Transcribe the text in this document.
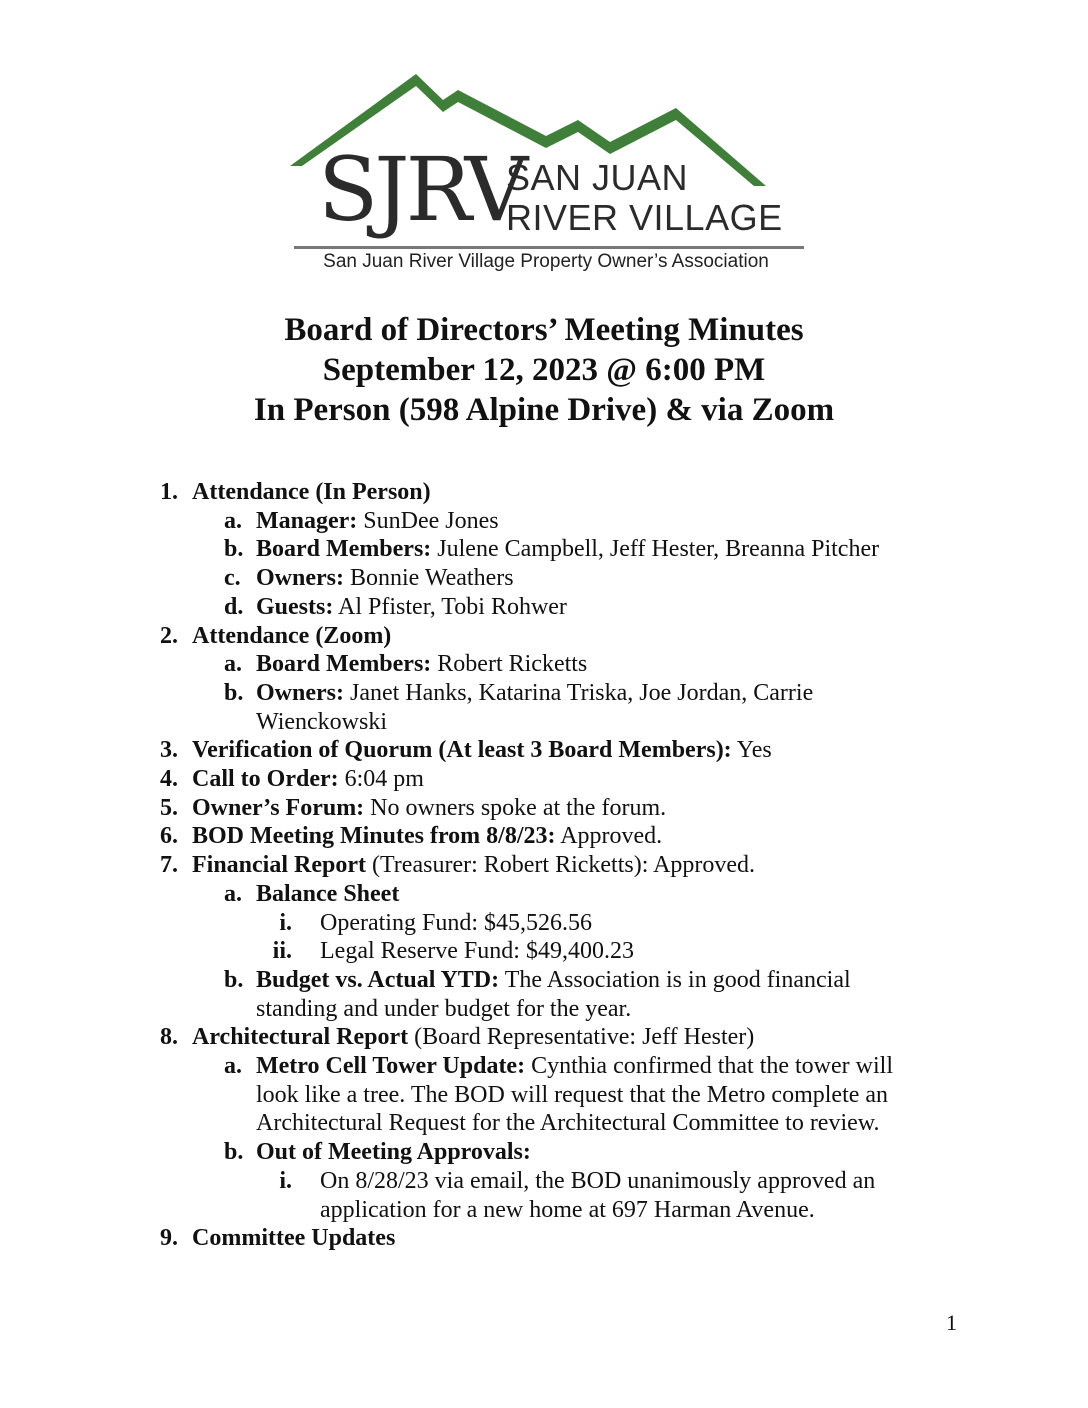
SJRV
SAN JUAN
RIVER VILLAGE
San Juan River Village Property Owner’s Association
Board of Directors’ Meeting Minutes
September 12, 2023 @ 6:00 PM
In Person (598 Alpine Drive) & via Zoom
1. Attendance (In Person)
a. Manager: SunDee Jones
b. Board Members: Julene Campbell, Jeff Hester, Breanna Pitcher
c. Owners: Bonnie Weathers
d. Guests: Al Pfister, Tobi Rohwer
2. Attendance (Zoom)
a. Board Members: Robert Ricketts
b. Owners: Janet Hanks, Katarina Triska, Joe Jordan, Carrie Wienckowski
3. Verification of Quorum (At least 3 Board Members): Yes
4. Call to Order: 6:04 pm
5. Owner’s Forum: No owners spoke at the forum.
6. BOD Meeting Minutes from 8/8/23: Approved.
7. Financial Report (Treasurer: Robert Ricketts): Approved.
a. Balance Sheet
i. Operating Fund: $45,526.56
ii. Legal Reserve Fund: $49,400.23
b. Budget vs. Actual YTD: The Association is in good financial standing and under budget for the year.
8. Architectural Report (Board Representative: Jeff Hester)
a. Metro Cell Tower Update: Cynthia confirmed that the tower will look like a tree. The BOD will request that the Metro complete an Architectural Request for the Architectural Committee to review.
b. Out of Meeting Approvals:
i. On 8/28/23 via email, the BOD unanimously approved an application for a new home at 697 Harman Avenue.
9. Committee Updates
1
